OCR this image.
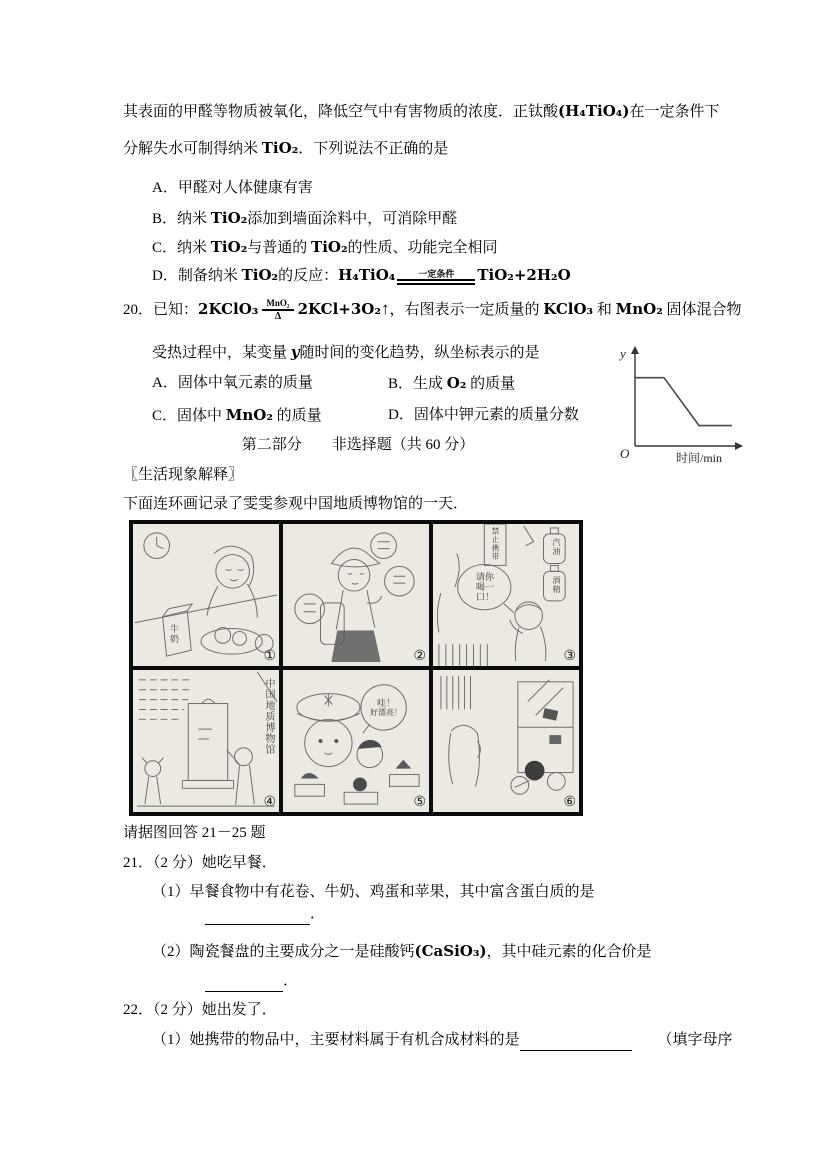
其表面的甲醛等物质被氧化，降低空气中有害物质的浓度．正钛酸(H₄TiO₄)在一定条件下
分解失水可制得纳米 TiO₂．下列说法不正确的是
A．甲醛对人体健康有害
B．纳米 TiO₂添加到墙面涂料中，可消除甲醛
C．纳米 TiO₂与普通的 TiO₂的性质、功能完全相同
D．制备纳米 TiO₂的反应：H₄TiO₄	一定条件	TiO₂+2H₂O
20．已知：2KClO₃ $\frac{\text{MnO₂}}{\Delta}$ 2KCl+3O₂↑，右图表示一定质量的 KClO₃ 和 MnO₂ 固体混合物
受热过程中，某变量 y随时间的变化趋势，纵坐标表示的是
A．固体中氧元素的质量	B．生成 O₂ 的质量
C．固体中 MnO₂ 的质量	D．固体中钾元素的质量分数
y
O	时间/min
第二部分　　非选择题（共 60 分）
〖生活现象解释〗
下面连环画记录了雯雯参观中国地质博物馆的一天．
牛奶
①	②
禁止携带	汽油
酒精
请你
喝一
口！
③
中国地质博物馆
④
哇！
好漂亮！
⑤	⑥
请据图回答 21－25 题
21．（2 分）她吃早餐．
（1）早餐食物中有花卷、牛奶、鸡蛋和苹果，其中富含蛋白质的是
．
（2）陶瓷餐盘的主要成分之一是硅酸钙(CaSiO₃)，其中硅元素的化合价是
．
22．（2 分）她出发了．
（1）她携带的物品中，主要材料属于有机合成材料的是	（填字母序
